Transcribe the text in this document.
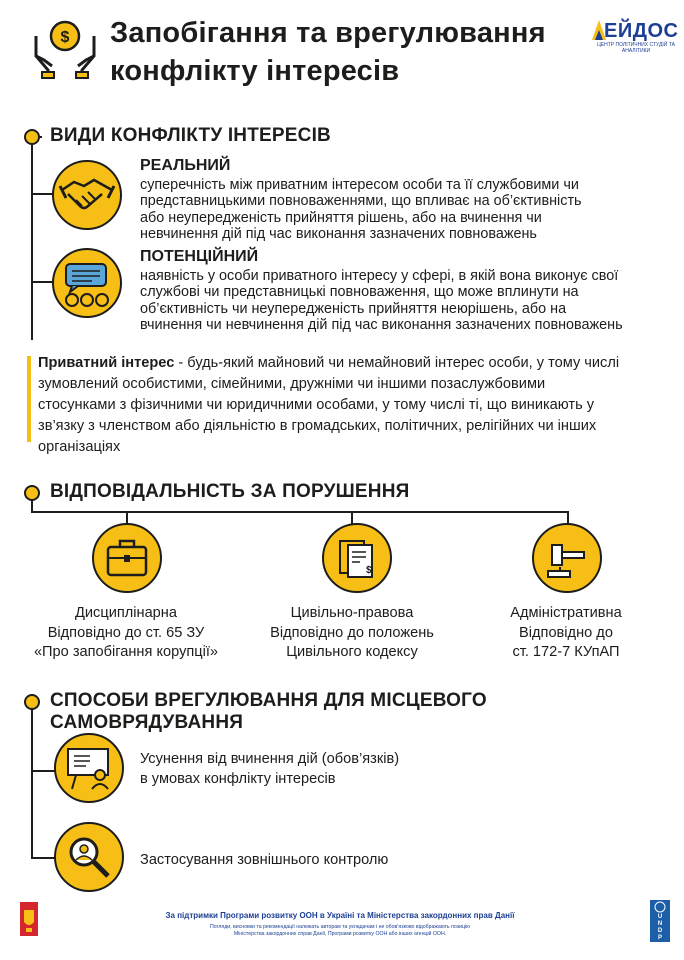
$ Запобігання та врегулювання
конфлікту інтересів
ЕЙДОС
ЦЕНТР ПОЛІТИЧНИХ СТУДІЙ ТА АНАЛІТИКИ
ВИДИ КОНФЛІКТУ ІНТЕРЕСІВ
РЕАЛЬНИЙ
суперечність між приватним інтересом особи та її службовими чи
представницькими повноваженнями, що впливає на об’єктивність
або неупередженість прийняття рішень, або на вчинення чи
невчинення дій під час виконання зазначених повноважень
ПОТЕНЦІЙНИЙ
наявність у особи приватного інтересу у сфері, в якій вона виконує свої
службові чи представницькі повноваження, що може вплинути на
об’єктивність чи неупередженість прийняття неюрішень, або на
вчинення чи невчинення дій під час виконання зазначених повноважень
Приватний інтерес - будь-який майновий чи немайновий інтерес особи, у тому числі
зумовлений особистими, сімейними, дружніми чи іншими позаслужбовими
стосунками з фізичними чи юридичними особами, у тому числі ті, що виникають у
зв’язку з членством або діяльністю в громадських, політичних, релігійних чи інших
організаціях
ВІДПОВІДАЛЬНІСТЬ ЗА ПОРУШЕННЯ
$
Дисциплінарна
Відповідно до ст. 65 ЗУ
«Про запобігання корупції»
Цивільно-правова
Відповідно до положень
Цивільного кодексу
Адміністративна
Відповідно до
ст. 172-7 КУпАП
СПОСОБИ ВРЕГУЛЮВАННЯ ДЛЯ МІСЦЕВОГО САМОВРЯДУВАННЯ
Усунення від вчинення дій (обов’язків)
в умовах конфлікту інтересів
Застосування зовнішнього контролю
За підтримки Програми розвитку ООН в Україні та Міністерства закордонних прав Данії
Погляди, висновки та рекомендації належать авторам та укладачам і не обов’язково відображають позицію
Міністерства закордонних справ Данії, Програми розвитку ООН або інших агенцій ООН.
UNDP
